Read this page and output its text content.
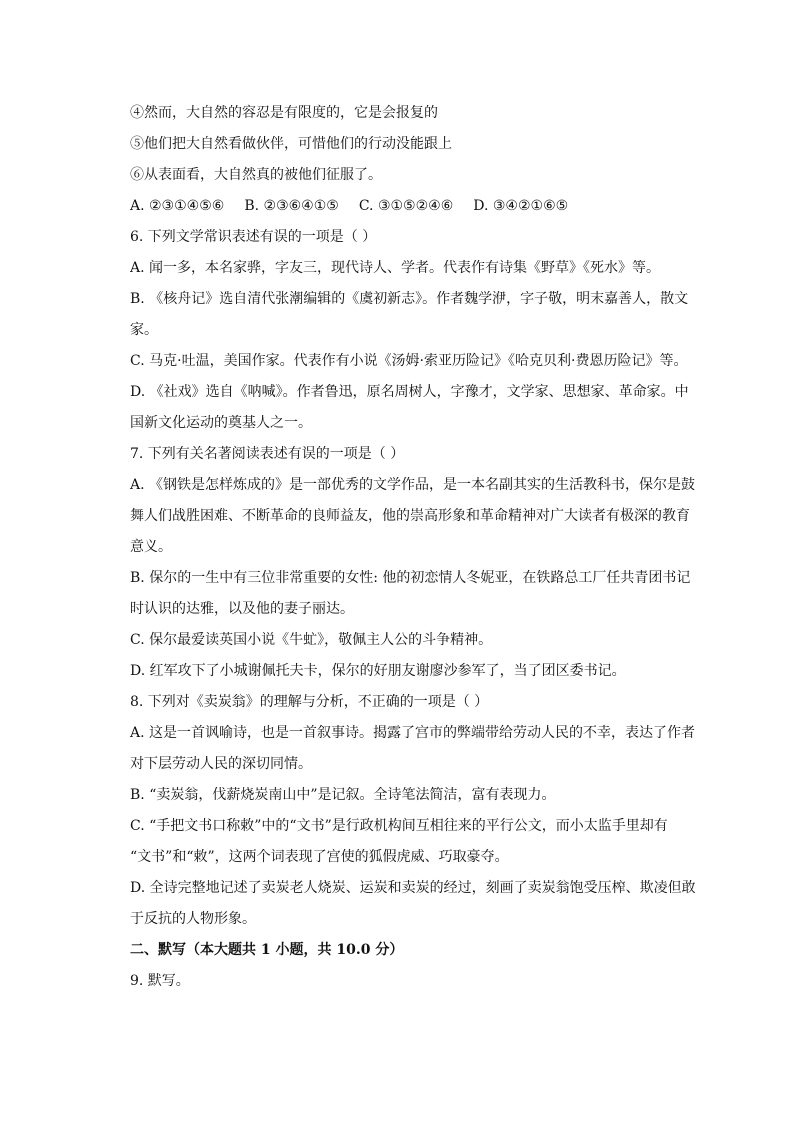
④然而，大自然的容忍是有限度的，它是会报复的
⑤他们把大自然看做伙伴，可惜他们的行动没能跟上
⑥从表面看，大自然真的被他们征服了。
A. ②③①④⑤⑥ B. ②③⑥④①⑤ C. ③①⑤②④⑥ D. ③④②①⑥⑤
6. 下列文学常识表述有误的一项是（ ）
A. 闻一多，本名家骅，字友三，现代诗人、学者。代表作有诗集《野草》《死水》等。
B. 《核舟记》选自清代张潮编辑的《虞初新志》。作者魏学洢，字子敬，明末嘉善人，散文
家。
C. 马克·吐温，美国作家。代表作有小说《汤姆·索亚历险记》《哈克贝利·费恩历险记》等。
D. 《社戏》选自《呐喊》。作者鲁迅，原名周树人，字豫才，文学家、思想家、革命家。中
国新文化运动的奠基人之一。
7. 下列有关名著阅读表述有误的一项是（ ）
A. 《钢铁是怎样炼成的》是一部优秀的文学作品，是一本名副其实的生活教科书，保尔是鼓
舞人们战胜困难、不断革命的良师益友，他的崇高形象和革命精神对广大读者有极深的教育
意义。
B. 保尔的一生中有三位非常重要的女性: 他的初恋情人冬妮亚，在铁路总工厂任共青团书记
时认识的达雅，以及他的妻子丽达。
C. 保尔最爱读英国小说《牛虻》，敬佩主人公的斗争精神。
D. 红军攻下了小城谢佩托夫卡，保尔的好朋友谢廖沙参军了，当了团区委书记。
8. 下列对《卖炭翁》的理解与分析，不正确的一项是（ ）
A. 这是一首讽喻诗，也是一首叙事诗。揭露了宫市的弊端带给劳动人民的不幸，表达了作者
对下层劳动人民的深切同情。
B. “卖炭翁，伐薪烧炭南山中”是记叙。全诗笔法简洁，富有表现力。
C. “手把文书口称敕”中的“文书”是行政机构间互相往来的平行公文，而小太监手里却有
“文书”和“敕”，这两个词表现了宫使的狐假虎威、巧取豪夺。
D. 全诗完整地记述了卖炭老人烧炭、运炭和卖炭的经过，刻画了卖炭翁饱受压榨、欺凌但敢
于反抗的人物形象。
二、默写（本大题共 1 小题，共 10.0 分）
9. 默写。
